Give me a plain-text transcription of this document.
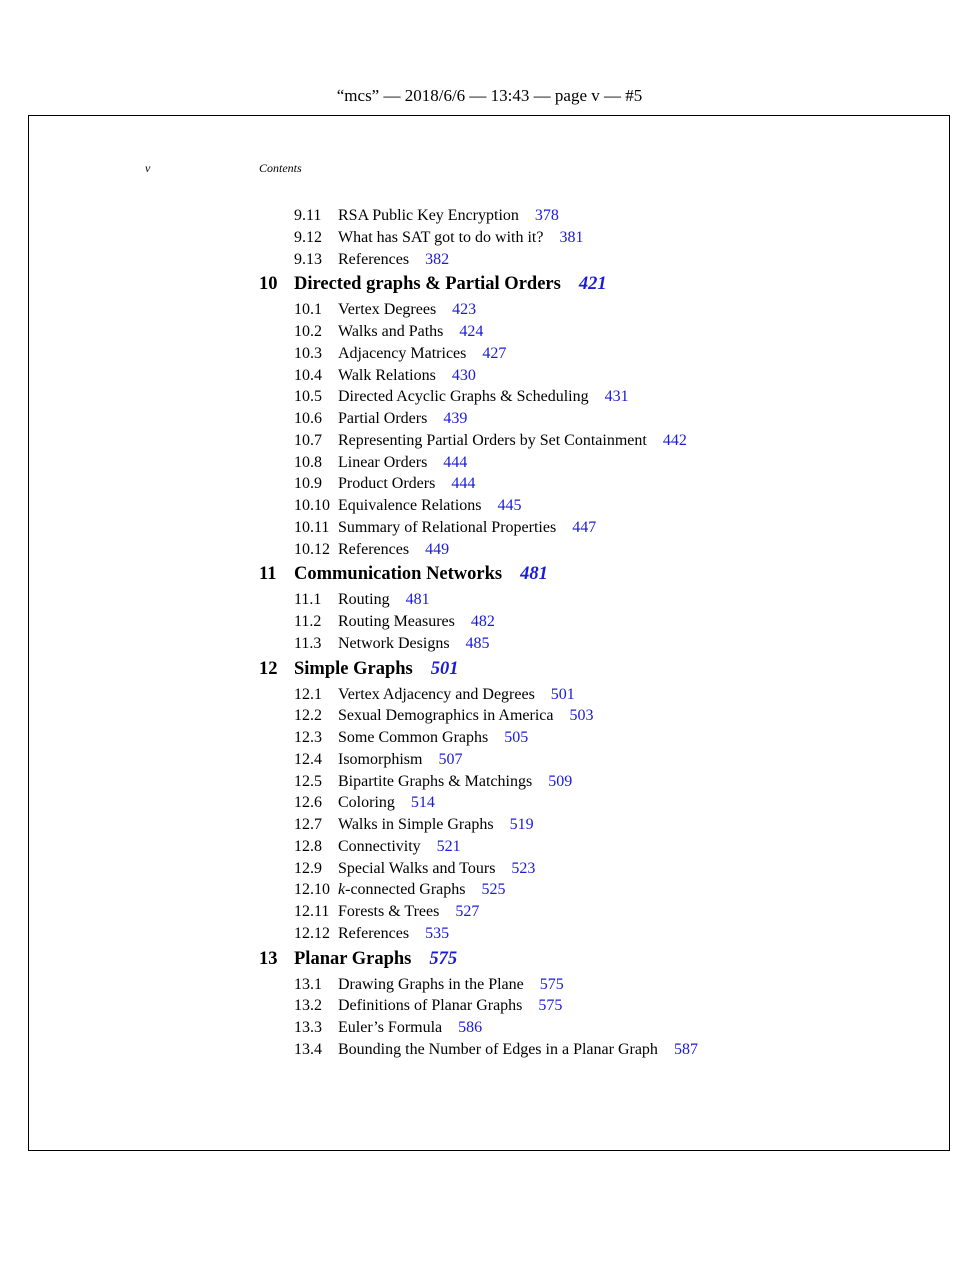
“mcs” — 2018/6/6 — 13:43 — page v — #5
v	Contents
9.11 RSA Public Key Encryption 378
9.12 What has SAT got to do with it? 381
9.13 References 382
10 Directed graphs & Partial Orders 421
10.1 Vertex Degrees 423
10.2 Walks and Paths 424
10.3 Adjacency Matrices 427
10.4 Walk Relations 430
10.5 Directed Acyclic Graphs & Scheduling 431
10.6 Partial Orders 439
10.7 Representing Partial Orders by Set Containment 442
10.8 Linear Orders 444
10.9 Product Orders 444
10.10 Equivalence Relations 445
10.11 Summary of Relational Properties 447
10.12 References 449
11 Communication Networks 481
11.1 Routing 481
11.2 Routing Measures 482
11.3 Network Designs 485
12 Simple Graphs 501
12.1 Vertex Adjacency and Degrees 501
12.2 Sexual Demographics in America 503
12.3 Some Common Graphs 505
12.4 Isomorphism 507
12.5 Bipartite Graphs & Matchings 509
12.6 Coloring 514
12.7 Walks in Simple Graphs 519
12.8 Connectivity 521
12.9 Special Walks and Tours 523
12.10 k-connected Graphs 525
12.11 Forests & Trees 527
12.12 References 535
13 Planar Graphs 575
13.1 Drawing Graphs in the Plane 575
13.2 Definitions of Planar Graphs 575
13.3 Euler’s Formula 586
13.4 Bounding the Number of Edges in a Planar Graph 587
